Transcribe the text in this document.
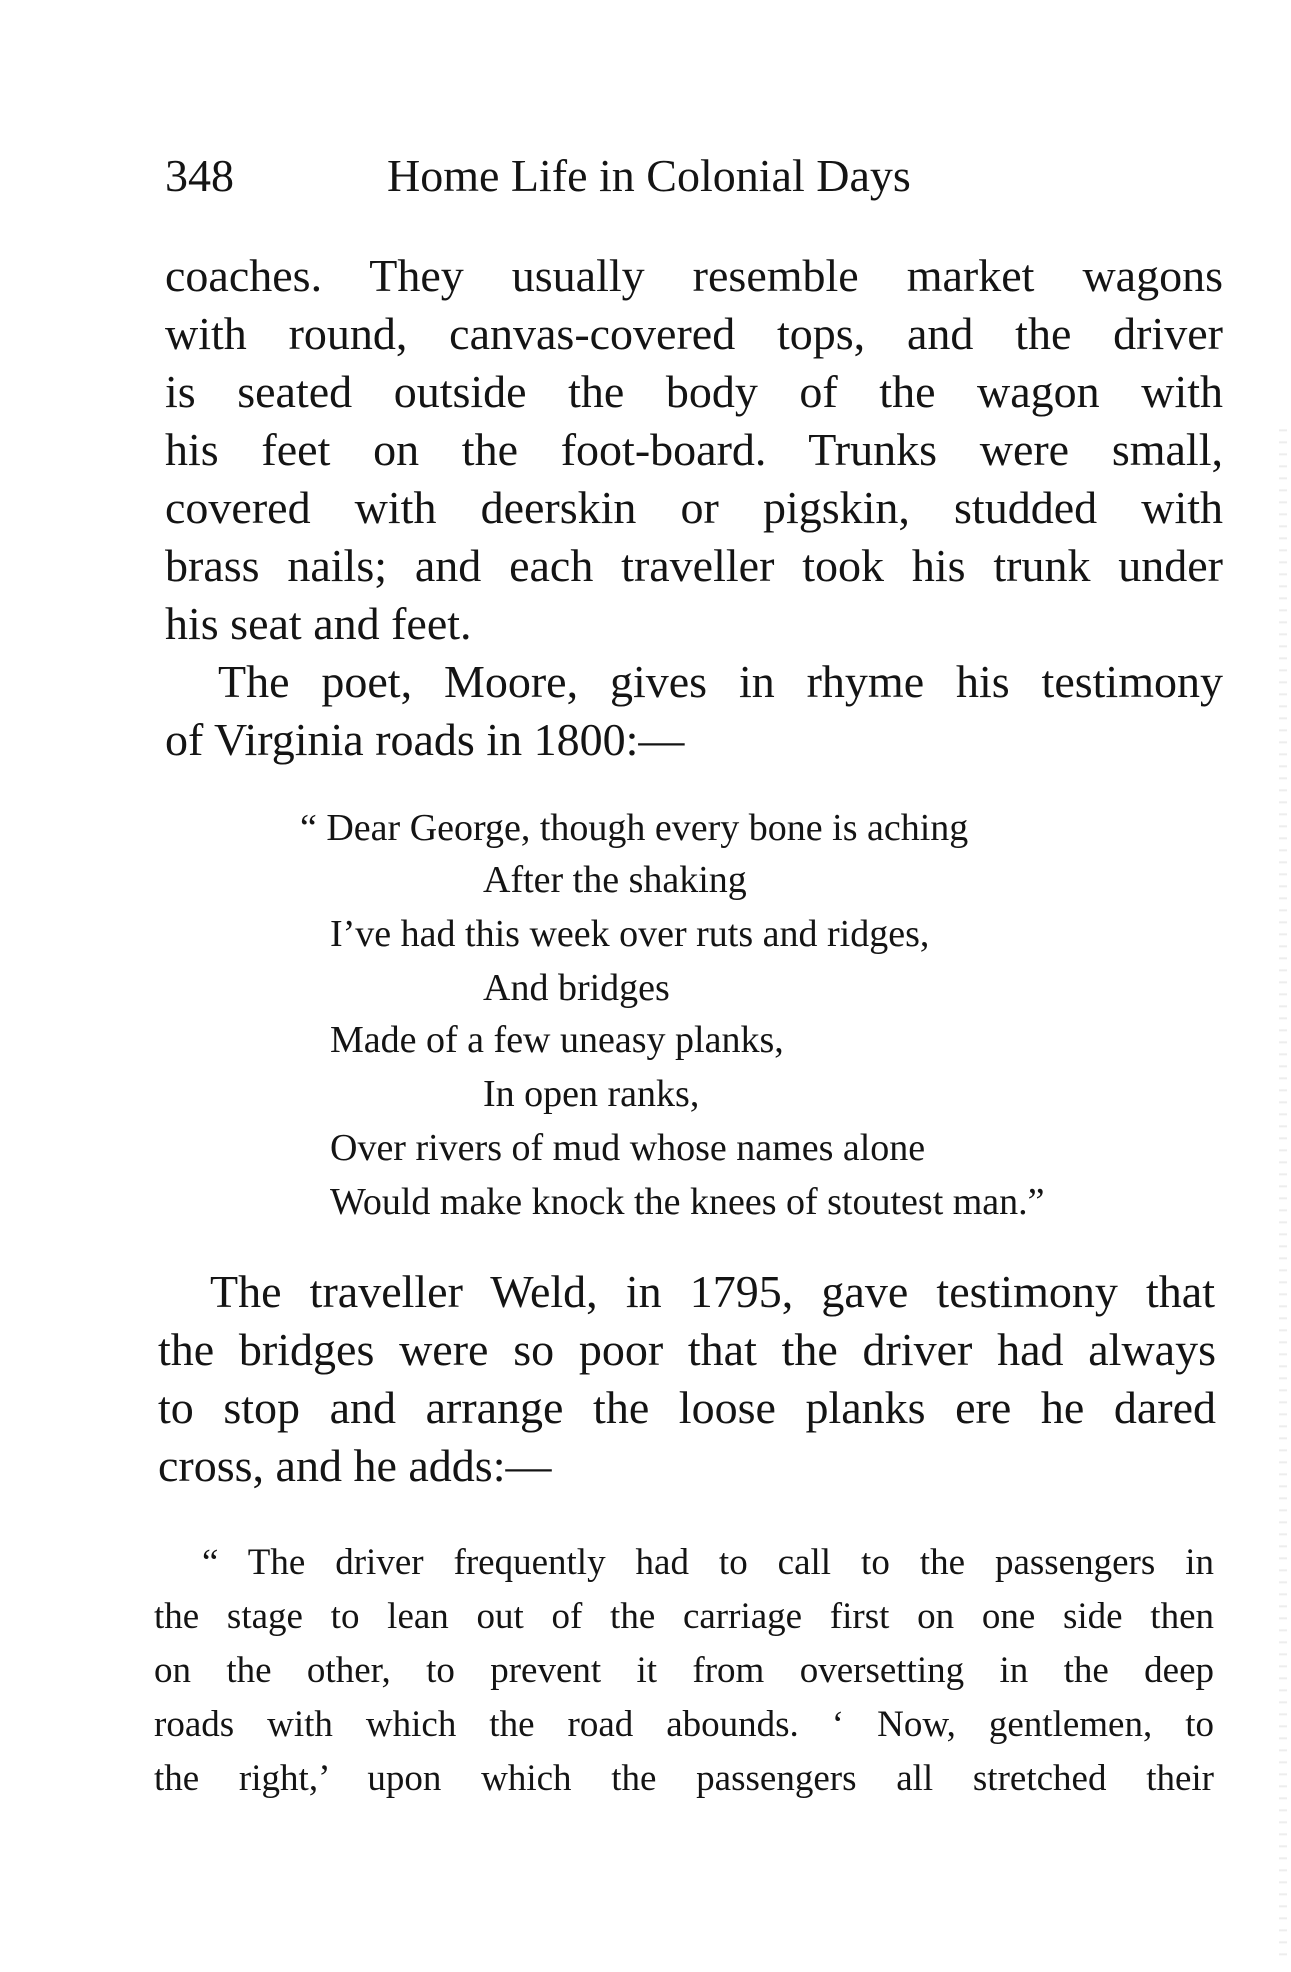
348	Home Life in Colonial Days
coaches. They usually resemble market wagons
with round, canvas-covered tops, and the driver
is seated outside the body of the wagon with
his feet on the foot-board. Trunks were small,
covered with deerskin or pigskin, studded with
brass nails; and each traveller took his trunk under
his seat and feet.
The poet, Moore, gives in rhyme his testimony
of Virginia roads in 1800:—
“ Dear George, though every bone is aching
After the shaking
I’ve had this week over ruts and ridges,
And bridges
Made of a few uneasy planks,
In open ranks,
Over rivers of mud whose names alone
Would make knock the knees of stoutest man.”
The traveller Weld, in 1795, gave testimony that
the bridges were so poor that the driver had always
to stop and arrange the loose planks ere he dared
cross, and he adds:—
“ The driver frequently had to call to the passengers in
the stage to lean out of the carriage first on one side then
on the other, to prevent it from oversetting in the deep
roads with which the road abounds. ‘ Now, gentlemen, to
the right,’ upon which the passengers all stretched their
